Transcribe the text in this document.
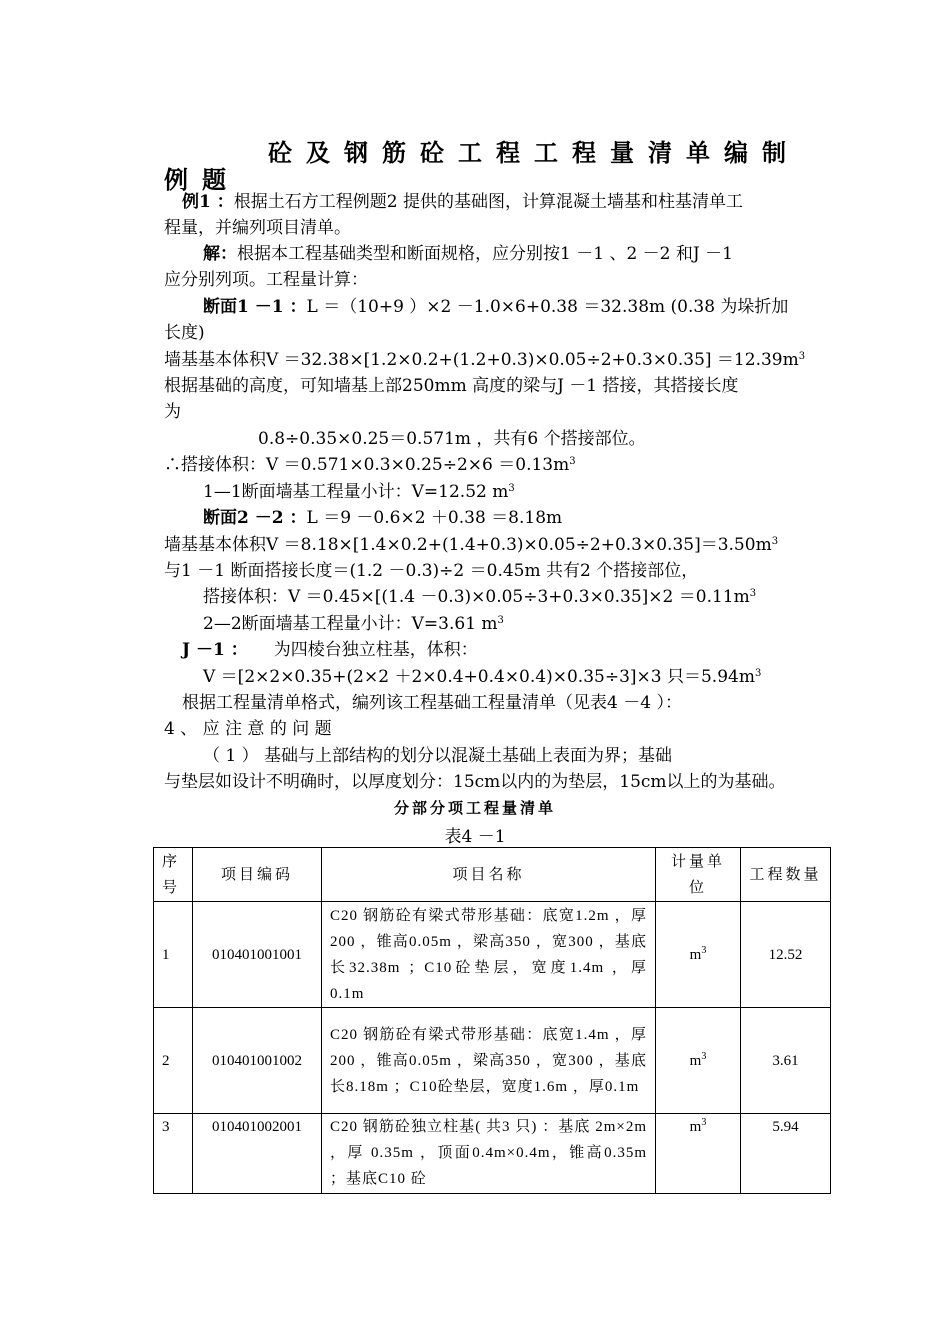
砼及钢筋砼工程工程量清单编制
例题
例1 ：根据土石方工程例题2 提供的基础图，计算混凝土墙基和柱基清单工
程量，并编列项目清单。
解：根据本工程基础类型和断面规格，应分别按1 －1 、2 －2 和J －1
应分别列项。工程量计算：
断面1 －1 ：L ＝（10+9 ）×2 －1.0×6+0.38 ＝32.38m (0.38 为垛折加
长度)
墙基基本体积$V =32.38\times[1.2\times 0.2+(1.2+0.3)\times 0.05\div 2+0.3\times 0.35] =12.39m^3$
根据基础的高度，可知墙基上部250mm 高度的梁与J －1 搭接，其搭接长度
为
0.8÷0.35×0.25＝0.571m ，共有6 个搭接部位。
∴搭接体积：$V =0.571\times 0.3\times 0.25\div 2\times 6 =0.13m^3$
1—1断面墙基工程量小计：V=12.52 $m^3$
断面2 －2 ：L ＝9 －0.6×2 ＋0.38 ＝8.18m
墙基基本体积$V =8.18\times[1.4\times 0.2+(1.4+0.3)\times 0.05\div 2+0.3\times 0.35]=3.50m^3$
与1 －1 断面搭接长度＝(1.2 －0.3)÷2 ＝0.45m 共有2 个搭接部位，
搭接体积：$V =0.45\times[(1.4 -0.3)\times 0.05\div 3+0.3\times 0.35]\times 2 =0.11m^3$
2—2断面墙基工程量小计：V=3.61 $m^3$
J －1 ： 为四棱台独立柱基，体积：
V ＝[2×2×0.35+(2×2 ＋2×0.4+0.4×0.4)×0.35÷3]×3 只$=5.94m^3$
根据工程量清单格式，编列该工程基础工程量清单（见表4 －4 ）：
4 、 应 注 意 的 问 题
（ 1 ） 基础与上部结构的划分以混凝土基础上表面为界；基础
与垫层如设计不明确时，以厚度划分：15cm以内的为垫层，15cm以上的为基础。
分部分项工程量清单
表4 －1
序号	项目编码	项目名称	计量单位	工程数量
1	010401001001	C20 钢筋砼有梁式带形基础：底宽1.2m ，厚200 ，锥高0.05m ，梁高350 ，宽300 ，基底长32.38m ；C10砼垫层，宽度1.4m ，厚0.1m	$m^3$	12.52
2	010401001002	C20 钢筋砼有梁式带形基础：底宽1.4m ，厚200 ，锥高0.05m ，梁高350 ，宽300 ，基底长8.18m ；C10砼垫层，宽度1.6m ，厚0.1m	$m^3$	3.61
3	010401002001	C20 钢筋砼独立柱基( 共3 只) ：基底 2m×2m ，厚 0.35m ，顶面0.4m×0.4m，锥高0.35m ；基底C10 砼	$m^3$	5.94
